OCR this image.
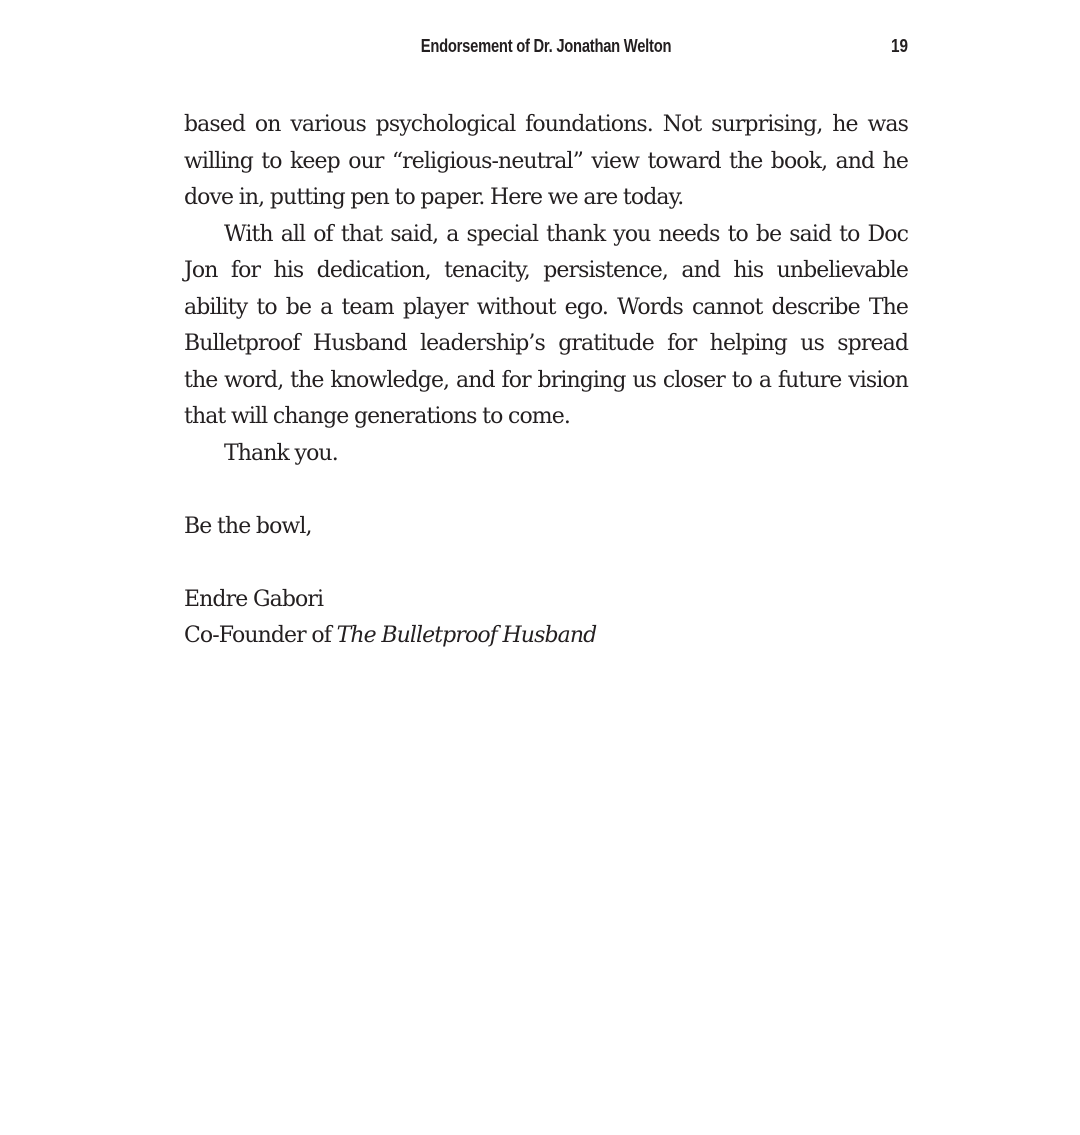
Endorsement of Dr. Jonathan Welton	19
based on various psychological foundations. Not surprising, he was
willing to keep our “religious-neutral” view toward the book, and he
dove in, putting pen to paper. Here we are today.
With all of that said, a special thank you needs to be said to Doc
Jon for his dedication, tenacity, persistence, and his unbelievable
ability to be a team player without ego. Words cannot describe The
Bulletproof Husband leadership’s gratitude for helping us spread
the word, the knowledge, and for bringing us closer to a future vision
that will change generations to come.
Thank you.
Be the bowl,
Endre Gabori
Co-Founder of The Bulletproof Husband
